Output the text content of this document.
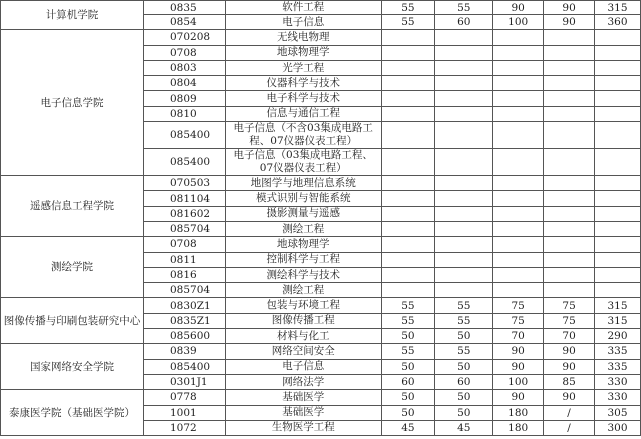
计算机学院	0835	软件工程	55	55	90	90	315
	0854	电子信息	55	60	100	90	360
电子信息学院	070208	无线电物理					
	0708	地球物理学					
	0803	光学工程					
	0804	仪器科学与技术					
	0809	电子科学与技术					
	0810	信息与通信工程					
	085400	电子信息（不含03集成电路工程、07仪器仪表工程）					
	085400	电子信息（03集成电路工程、07仪器仪表工程）					
遥感信息工程学院	070503	地图学与地理信息系统					
	081104	模式识别与智能系统					
	081602	摄影测量与遥感					
	085704	测绘工程					
测绘学院	0708	地球物理学					
	0811	控制科学与工程					
	0816	测绘科学与技术					
	085704	测绘工程					
图像传播与印刷包装研究中心	0830Z1	包装与环境工程	55	55	75	75	315
	0835Z1	图像传播工程	55	55	75	75	315
	085600	材料与化工	50	50	70	70	290
国家网络安全学院	0839	网络空间安全	55	55	90	90	335
	085400	电子信息	50	50	90	90	335
	0301J1	网络法学	60	60	100	85	330
泰康医学院（基础医学院）	0778	基础医学	50	50	90	90	330
	1001	基础医学	50	50	180	/	305
	1072	生物医学工程	45	45	180	/	300
